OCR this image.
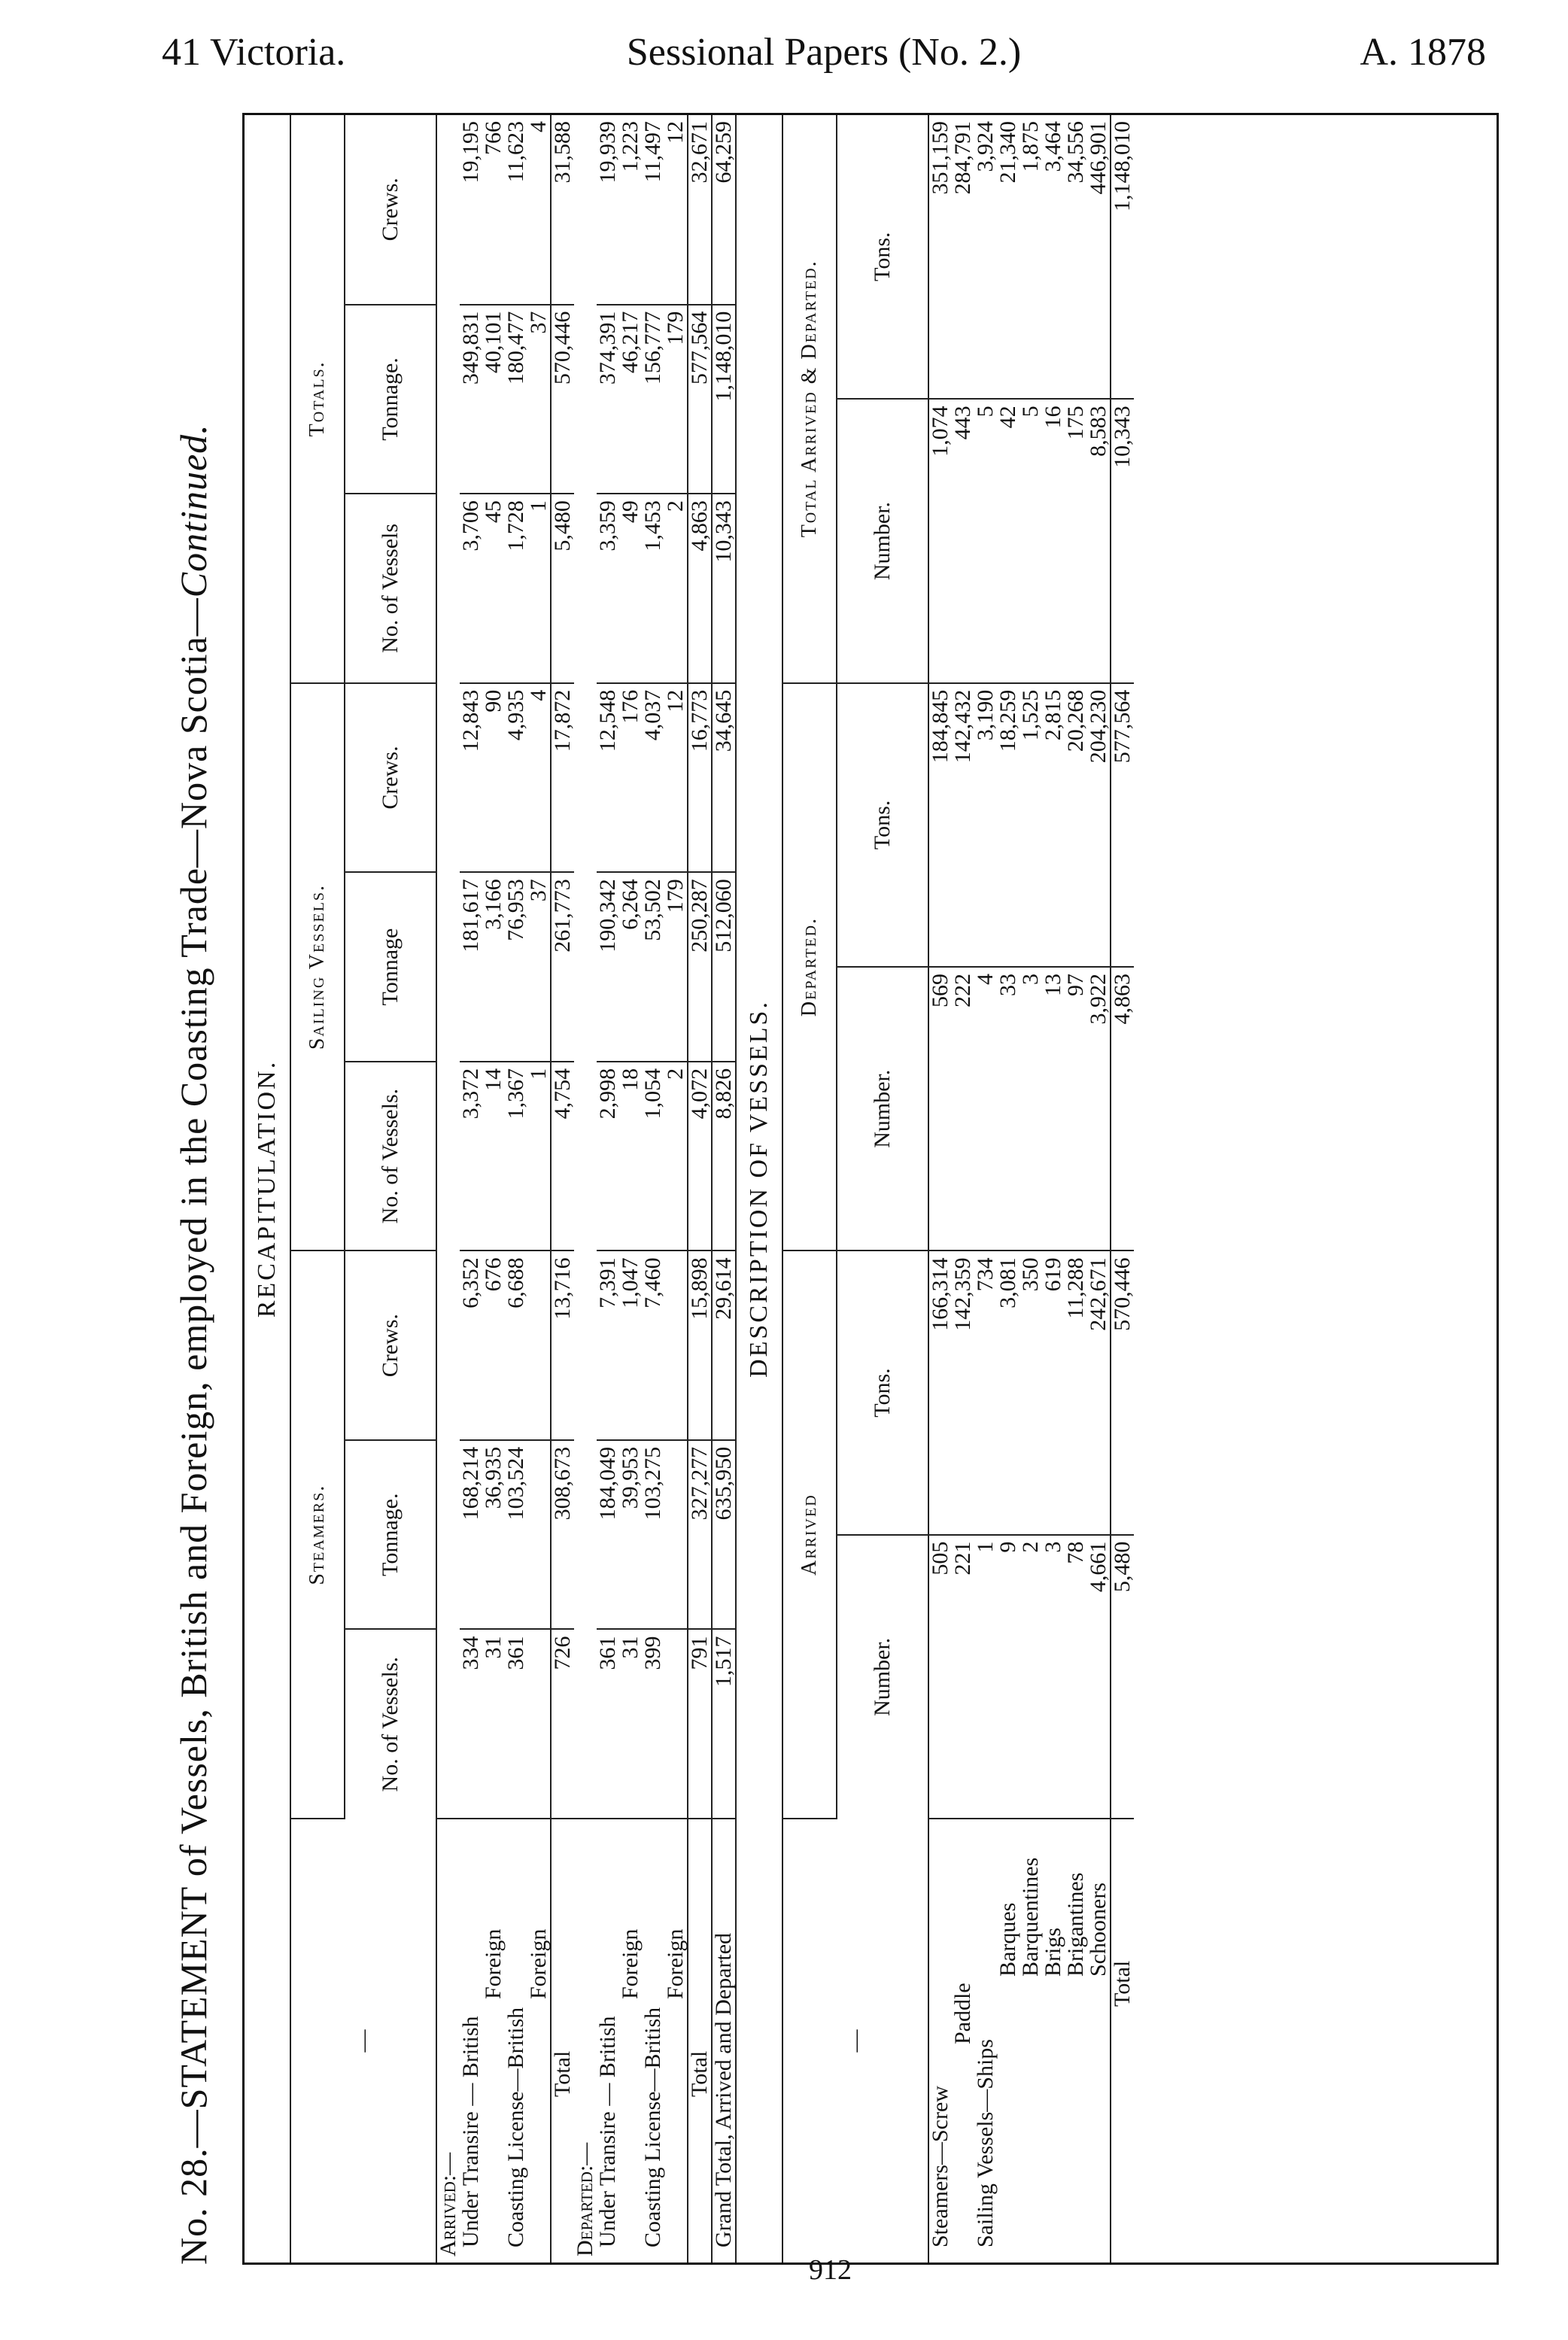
41 Victoria.	Sessional Papers (No. 2.)	A. 1878
No. 28.—STATEMENT of Vessels, British and Foreign, employed in the Coasting Trade—Nova Scotia—Continued.
RECAPITULATION.									
—	Steamers.			Sailing Vessels.			Totals.		
	No. of Vessels.	Tonnage.	Crews.	No. of Vessels.	Tonnage	Crews.	No. of Vessels	Tonnage.	Crews.
Arrived:—									
Under Transire — British	334	168,214	6,352	3,372	181,617	12,843	3,706	349,831	19,195
Foreign	31	36,935	676	14	3,166	90	45	40,101	766
Coasting License—British	361	103,524	6,688	1,367	76,953	4,935	1,728	180,477	11,623
Foreign				1	37	4	1	37	4
Total	726	308,673	13,716	4,754	261,773	17,872	5,480	570,446	31,588
Departed:—									
Under Transire — British	361	184,049	7,391	2,998	190,342	12,548	3,359	374,391	19,939
Foreign	31	39,953	1,047	18	6,264	176	49	46,217	1,223
Coasting License—British	399	103,275	7,460	1,054	53,502	4,037	1,453	156,777	11,497
Foreign				2	179	12	2	179	12
Total	791	327,277	15,898	4,072	250,287	16,773	4,863	577,564	32,671
Grand Total, Arrived and Departed	1,517	635,950	29,614	8,826	512,060	34,645	10,343	1,148,010	64,259
DESCRIPTION OF VESSELS.						
—	Arrived		Departed.		Total Arrived & Departed.	
	Number.	Tons.	Number.	Tons.	Number.	Tons.
Steamers—Screw	505	166,314	569	184,845	1,074	351,159
Paddle	221	142,359	222	142,432	443	284,791
Sailing Vessels—Ships	1	734	4	3,190	5	3,924
Barques	9	3,081	33	18,259	42	21,340
Barquentines	2	350	3	1,525	5	1,875
Brigs	3	619	13	2,815	16	3,464
Brigantines	78	11,288	97	20,268	175	34,556
Schooners	4,661	242,671	3,922	204,230	8,583	446,901
Total	5,480	570,446	4,863	577,564	10,343	1,148,010
912
